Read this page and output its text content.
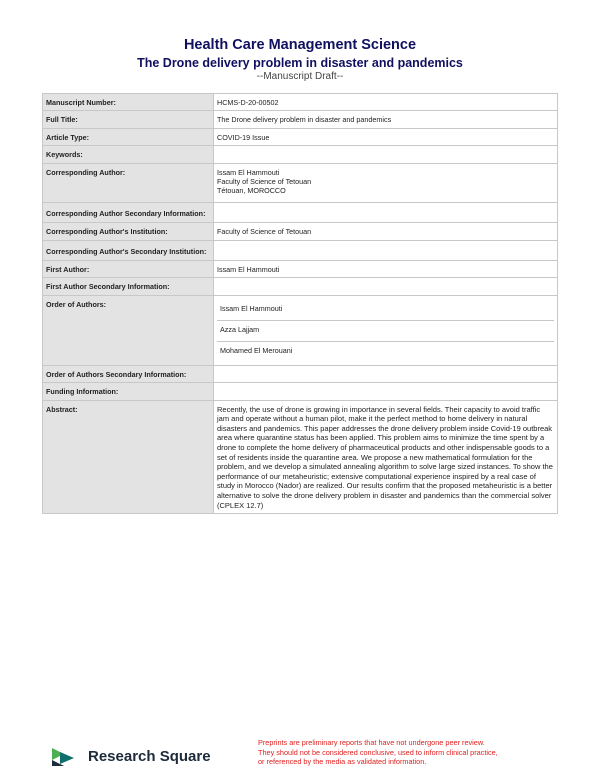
Health Care Management Science
The Drone delivery problem in disaster and pandemics
--Manuscript Draft--
Manuscript Number:	HCMS-D-20-00502
Full Title:	The Drone delivery problem in disaster and pandemics
Article Type:	COVID-19 Issue
Keywords:	
Corresponding Author:	Issam El Hammouti
Faculty of Science of Tetouan
Tétouan, MOROCCO

Corresponding Author Secondary Information:	
Corresponding Author's Institution:	Faculty of Science of Tetouan
Corresponding Author's Secondary Institution:	
First Author:	Issam El Hammouti
First Author Secondary Information:	
Order of Authors:	Issam El Hammouti
Azza Lajjam
Mohamed El Merouani

Order of Authors Secondary Information:	
Funding Information:	
Abstract:	Recently, the use of drone is growing in importance in several fields. Their capacity to avoid traffic jam and operate without a human pilot, make it the perfect method to home delivery in natural disasters and pandemics. This paper addresses the drone delivery problem inside Covid-19 outbreak area where quarantine status has been applied. This problem aims to minimize the time spent by a drone to complete the home delivery of pharmaceutical products and other indispensable goods to a set of residents inside the quarantine area. We propose a new mathematical formulation for the problem, and we develop a simulated annealing algorithm to solve large sized instances. To show the performance of our metaheuristic; extensive computational experience inspired by a real case of study in Morocco (Nador) are realized. Our results confirm that the proposed metaheuristic is a better alternative to solve the drone delivery problem in disaster and pandemics than the commercial solver (CPLEX 12.7)
Research Square
Preprints are preliminary reports that have not undergone peer review.
They should not be considered conclusive, used to inform clinical practice,
or referenced by the media as validated information.
